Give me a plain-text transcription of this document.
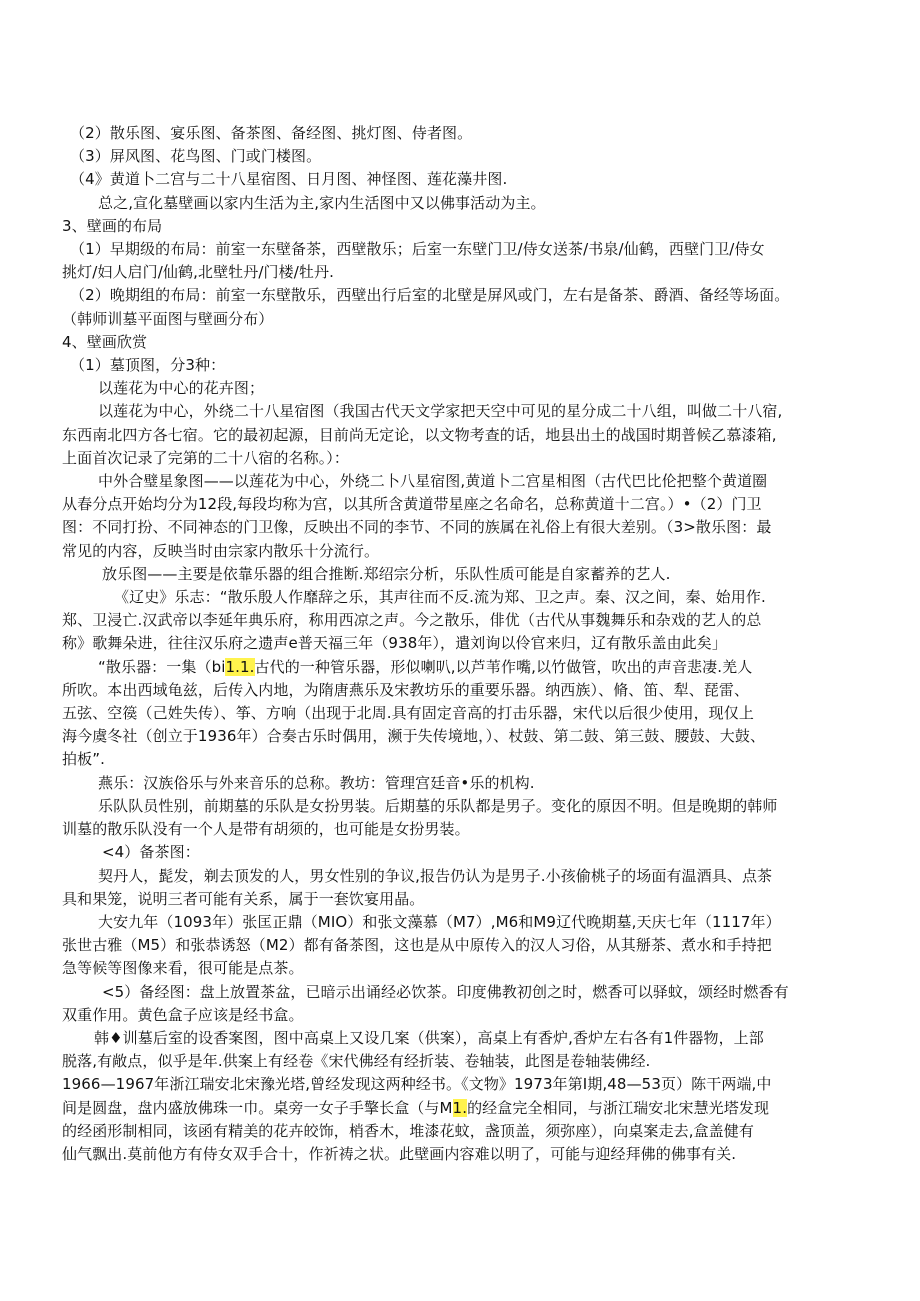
（2）散乐图、宴乐图、备茶图、备经图、挑灯图、侍者图。
（3）屏风图、花鸟图、门或门楼图。
（4》黄道卜二宫与二十八星宿图、日月图、神怪图、莲花藻井图.
总之,宣化墓壁画以家内生活为主,家内生活图中又以佛事活动为主。
3、壁画的布局
（1）早期级的布局：前室一东壁备茶，西壁散乐；后室一东壁门卫/侍女送茶/书泉/仙鹤，西壁门卫/侍女
挑灯/妇人启门/仙鹤,北壁牡丹/门楼/牡丹.
（2）晚期组的布局：前室一东壁散乐，西壁出行后室的北壁是屏风或门，左右是备茶、爵酒、备经等场面。
（韩师训墓平面图与壁画分布）
4、壁画欣赏
（1）墓顶图，分3种：
以莲花为中心的花卉图；
以莲花为中心，外绕二十八星宿图（我国古代天文学家把天空中可见的星分成二十八组，叫做二十八宿,
东西南北四方各七宿。它的最初起源，目前尚无定论，以文物考查的话，地县出土的战国时期普候乙慕漆箱,
上面首次记录了完第的二十八宿的名称。）：
中外合璧星象图——以莲花为中心，外绕二卜八星宿图,黄道卜二宫星相图（古代巴比伦把整个黄道圈
从春分点开始均分为12段,每段均称为宫，以其所含黄道带星座之名命名，总称黄道十二宫。）•（2）门卫
图：不同打扮、不同神态的门卫像，反映出不同的李节、不同的族属在礼俗上有很大差别。（3>散乐图：最
常见的内容，反映当时由宗家内散乐十分流行。
放乐图——主要是依靠乐器的组合推断.郑绍宗分析，乐队性质可能是自家蓄养的艺人.
《辽史》乐志：“散乐殷人作靡辞之乐，其声往而不反.流为郑、卫之声。秦、汉之间，秦、始用作.
郑、卫浸亡.汉武帝以李延年典乐府，称用西凉之声。今之散乐，俳优（古代从事魏舞乐和杂戏的艺人的总
称》歌舞朵进，往往汉乐府之遗声e普天福三年（938年），遣刘询以伶官来归，辽有散乐盖由此矣」
“散乐器：一集（bi1.1.古代的一种管乐器，形似喇叭,以芦苇作嘴,以竹做管，吹出的声音悲凄.羌人
所吹。本出西域龟兹，后传入内地，为隋唐燕乐及宋教坊乐的重要乐器。纳西族）、脩、笛、犁、琵雷、
五弦、空篌（己姓失传）、筝、方响（出现于北周.具有固定音高的打击乐器，宋代以后很少使用，现仅上
海今虞冬社（创立于1936年）合奏古乐时偶用，濒于失传境地，）、杖鼓、第二鼓、第三鼓、腰鼓、大鼓、
拍板”.
燕乐：汉族俗乐与外来音乐的总称。教坊：管理宫廷音•乐的机构.
乐队队员性别，前期墓的乐队是女扮男装。后期墓的乐队都是男子。变化的原因不明。但是晚期的韩师
训墓的散乐队没有一个人是带有胡须的，也可能是女扮男装。
<4）备茶图：
契丹人，髭发，剃去顶发的人，男女性别的争议,报告仍认为是男子.小孩偷桃子的场面有温酒具、点茶
具和果笼，说明三者可能有关系，属于一套饮宴用晶。
大安九年（1093年）张匡正鼎（MIO）和张文藻慕（M7）,M6和M9辽代晚期墓,天庆七年（1117年）
张世古雅（M5）和张恭诱怒（M2）都有备茶图，这也是从中原传入的汉人习俗，从其掰茶、煮水和手持把
急等候等图像来看，很可能是点茶。
<5）备经图：盘上放置茶盆，已暗示出诵经必饮茶。印度佛教初创之时，燃香可以驿蚊，颂经时燃香有
双重作用。黄色盒子应该是经书盒。
韩♦训墓后室的设香案图，图中高桌上又设几案（供案），高桌上有香炉,香炉左右各有1件器物，上部
脱落,有敞点，似乎是年.供案上有经卷《宋代佛经有经折装、卷轴装，此图是卷轴装佛经.
1966—1967年浙江瑞安北宋豫光塔,曾经发现这两种经书。《文物》1973年第Ⅰ期,48—53页）陈干两端,中
间是圆盘，盘内盛放佛珠一巾。桌旁一女子手擎长盒（与M1.的经盒完全相同，与浙江瑞安北宋慧光塔发现
的经函形制相同，该函有精美的花卉皎饰，梢香木，堆漆花蚊，盏顶盖，须弥座），向桌案走去,盒盖健有
仙气飘出.莫前他方有侍女双手合十，作祈祷之状。此壁画内容难以明了，可能与迎经拜佛的佛事有关.
